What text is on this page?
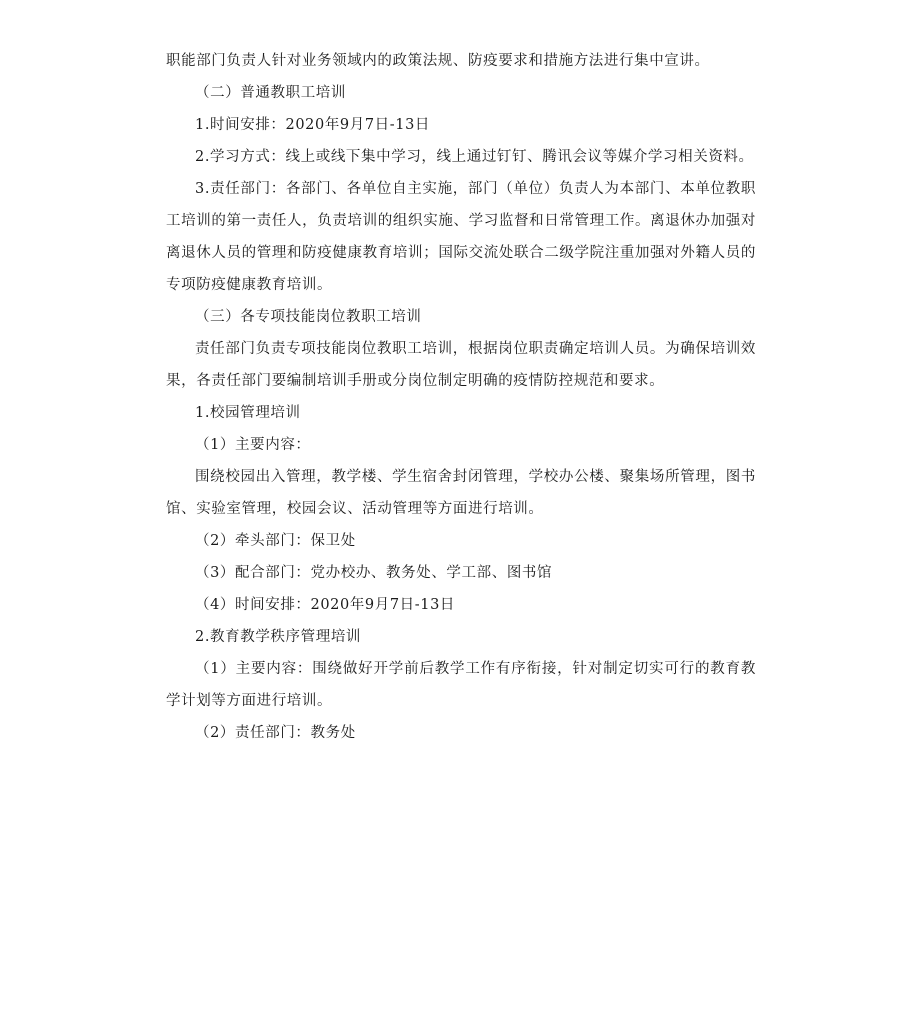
职能部门负责人针对业务领域内的政策法规、防疫要求和措施方法进行集中宣讲。

（二）普通教职工培训

1.时间安排：2020年9月7日-13日

2.学习方式：线上或线下集中学习，线上通过钉钉、腾讯会议等媒介学习相关资料。

3.责任部门：各部门、各单位自主实施，部门（单位）负责人为本部门、本单位教职工培训的第一责任人，负责培训的组织实施、学习监督和日常管理工作。离退休办加强对离退休人员的管理和防疫健康教育培训；国际交流处联合二级学院注重加强对外籍人员的专项防疫健康教育培训。

（三）各专项技能岗位教职工培训

责任部门负责专项技能岗位教职工培训，根据岗位职责确定培训人员。为确保培训效果，各责任部门要编制培训手册或分岗位制定明确的疫情防控规范和要求。

1.校园管理培训

（1）主要内容：

围绕校园出入管理，教学楼、学生宿舍封闭管理，学校办公楼、聚集场所管理，图书馆、实验室管理，校园会议、活动管理等方面进行培训。

（2）牵头部门：保卫处

（3）配合部门：党办校办、教务处、学工部、图书馆

（4）时间安排：2020年9月7日-13日

2.教育教学秩序管理培训

（1）主要内容：围绕做好开学前后教学工作有序衔接，针对制定切实可行的教育教学计划等方面进行培训。

（2）责任部门：教务处
